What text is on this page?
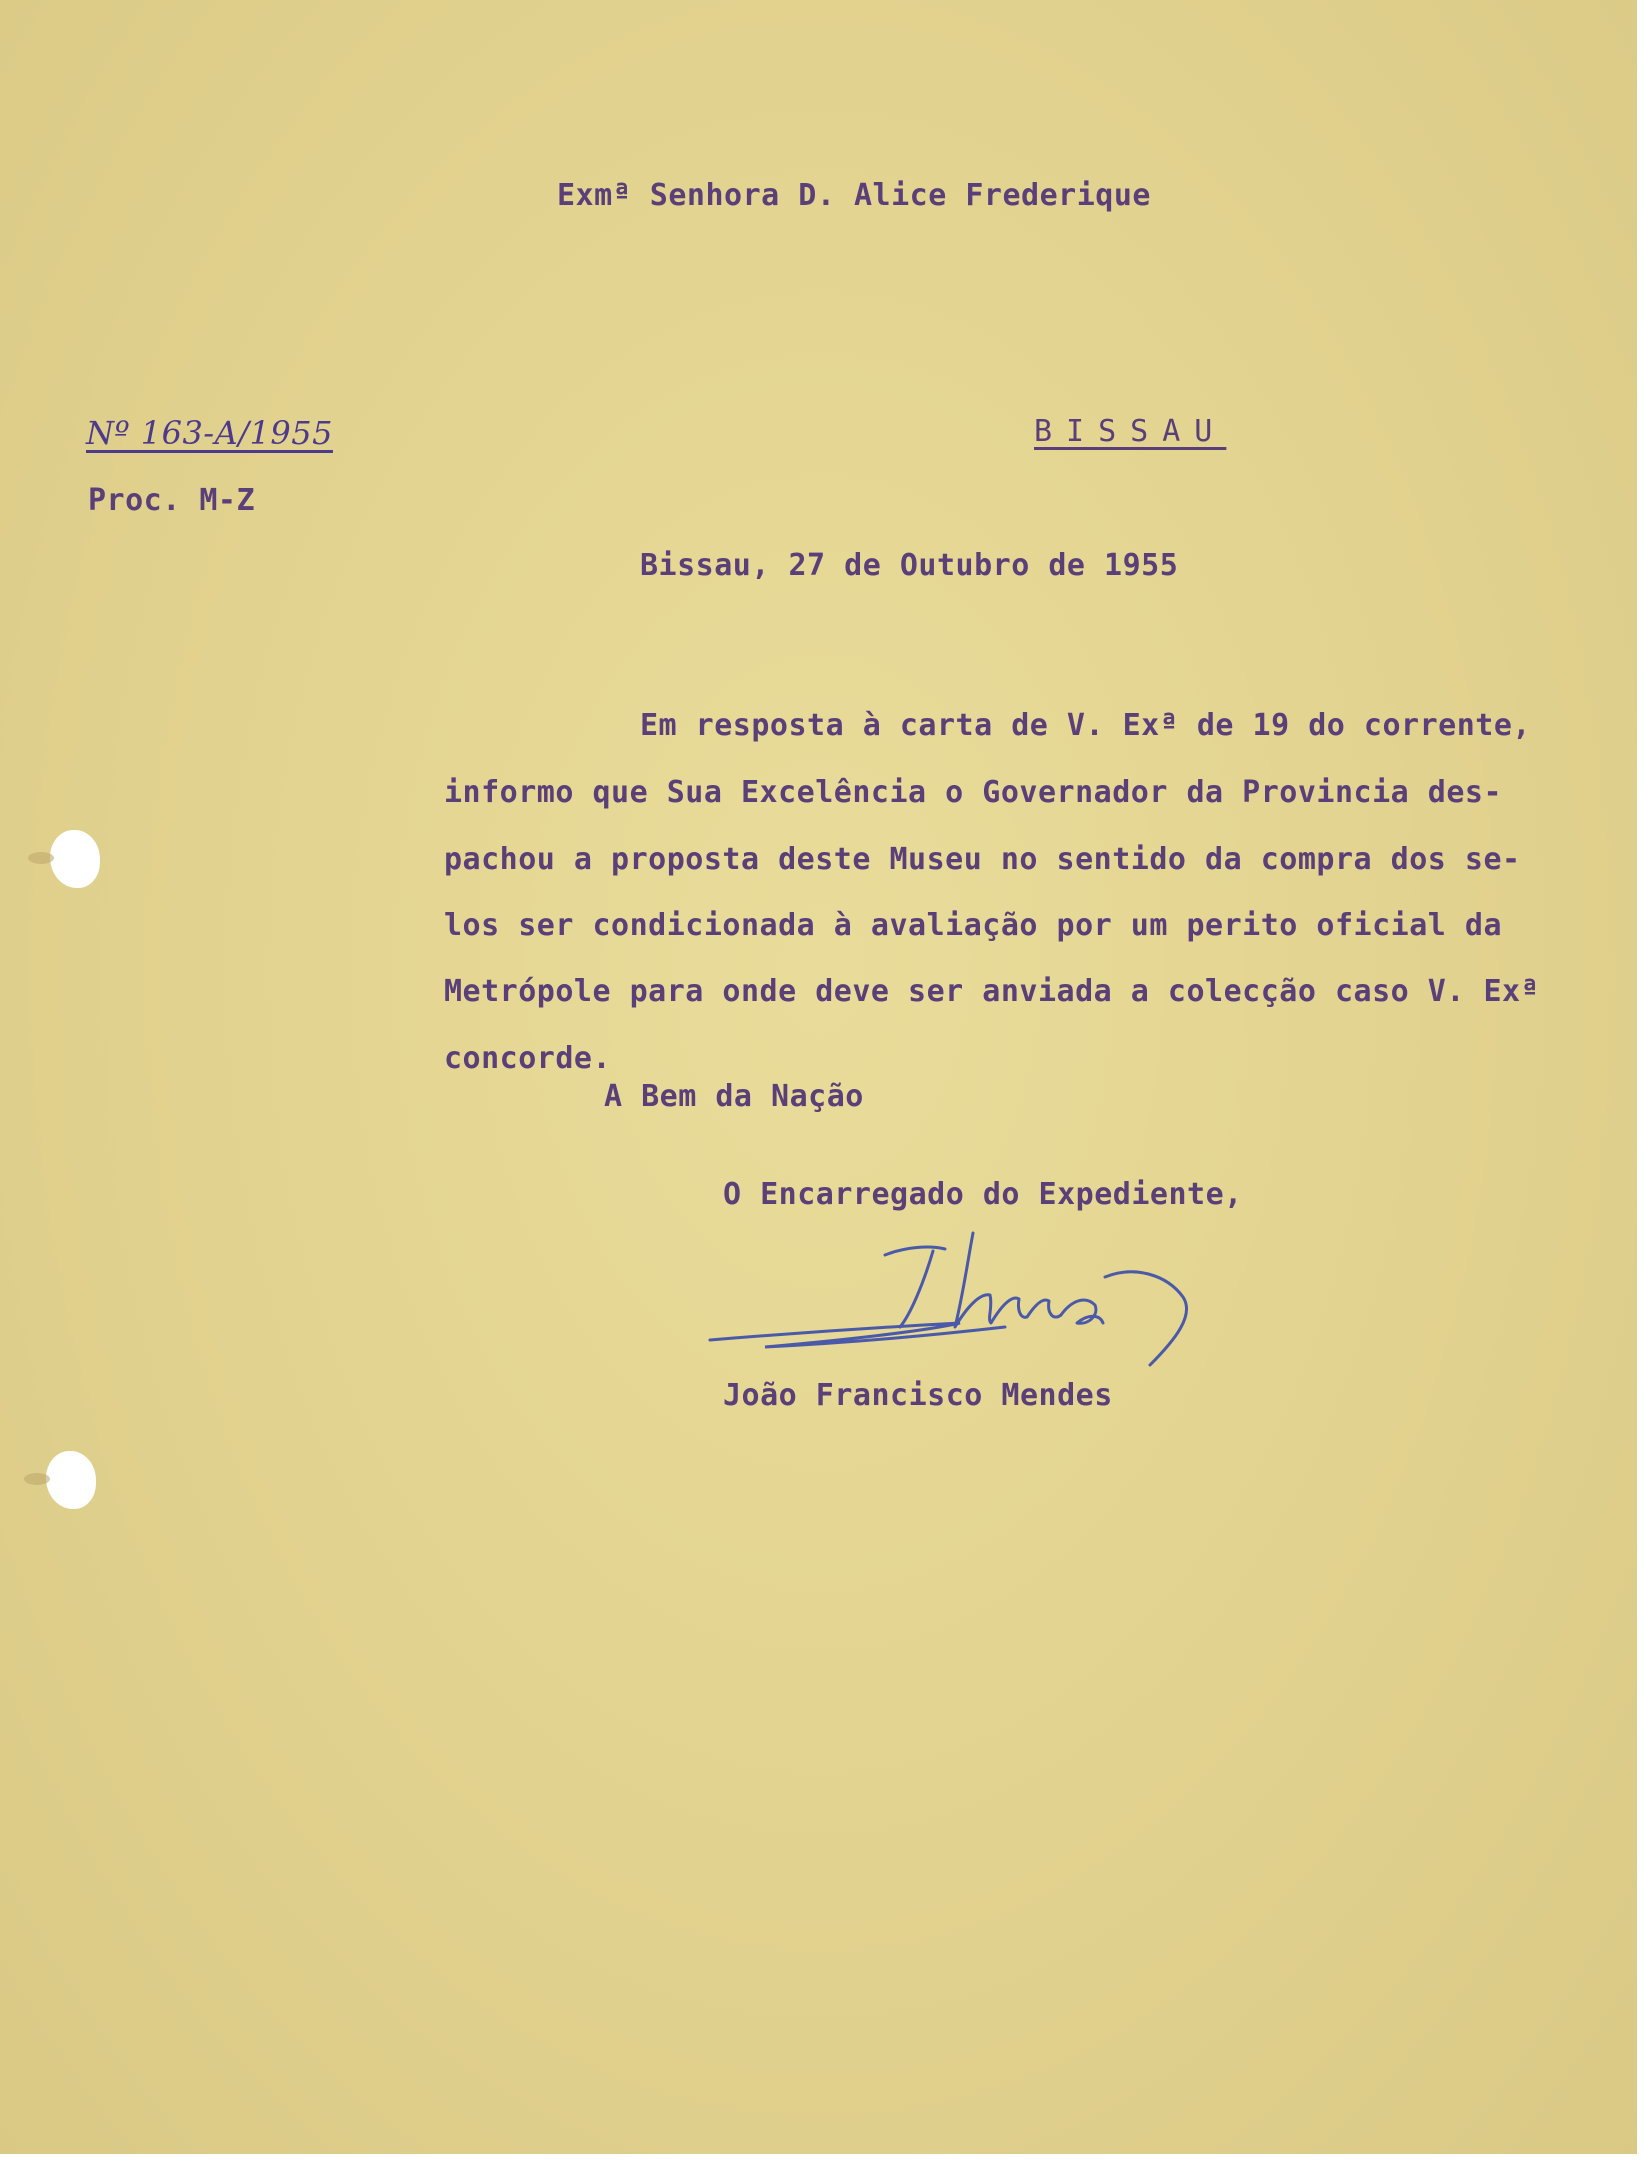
Exmª Senhora D. Alice Frederique

Nº 163-A/1955

Proc. M-Z

BISSAU

Bissau, 27 de Outubro de 1955

Em resposta à carta de V. Exª de 19 do corrente,

informo que Sua Excelência o Governador da Provincia des-

pachou a proposta deste Museu no sentido da compra dos se-

los ser condicionada à avaliação por um perito oficial da

Metrópole para onde deve ser anviada a colecção caso V. Exª

concorde.

A Bem da Nação

O Encarregado do Expediente,

João Francisco Mendes
